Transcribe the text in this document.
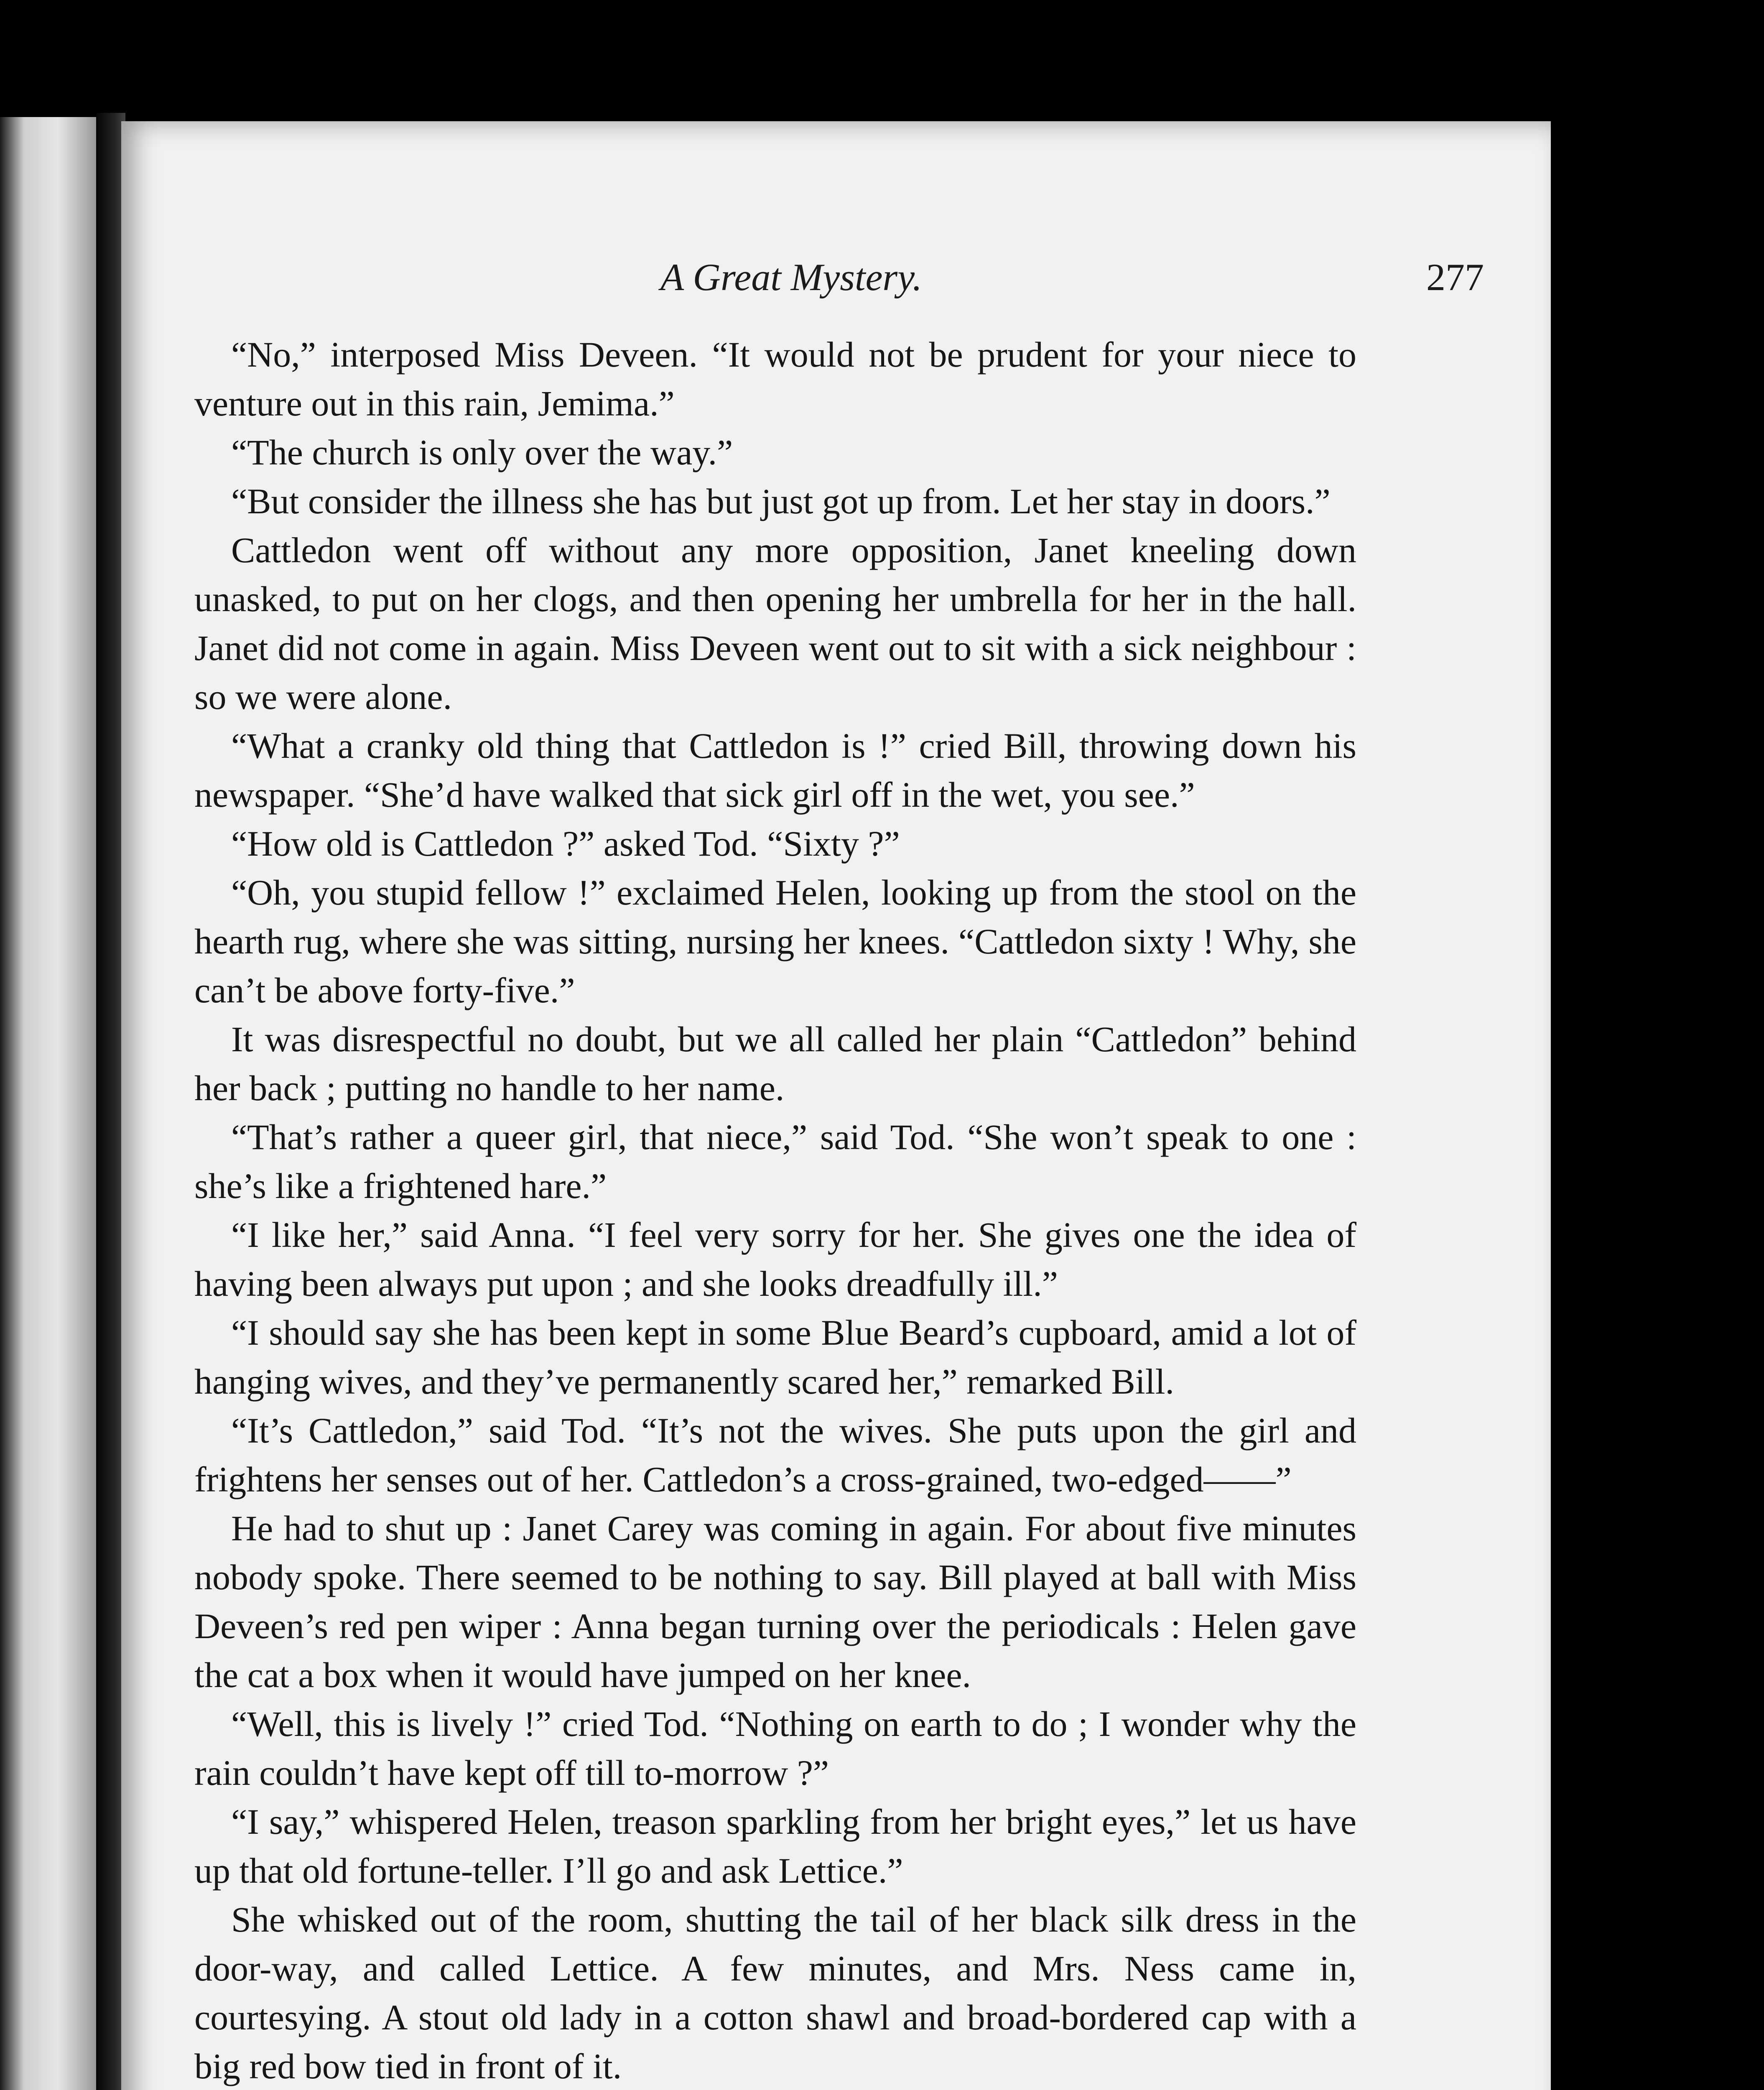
A Great Mystery.	277

“No,” interposed Miss Deveen. “It would not be prudent for your niece to venture out in this rain, Jemima.”

“The church is only over the way.”

“But consider the illness she has but just got up from. Let her stay in doors.”

Cattledon went off without any more opposition, Janet kneeling down unasked, to put on her clogs, and then opening her umbrella for her in the hall. Janet did not come in again. Miss Deveen went out to sit with a sick neighbour : so we were alone.

“What a cranky old thing that Cattledon is !” cried Bill, throwing down his newspaper. “She’d have walked that sick girl off in the wet, you see.”

“How old is Cattledon ?” asked Tod. “Sixty ?”

“Oh, you stupid fellow !” exclaimed Helen, looking up from the stool on the hearth rug, where she was sitting, nursing her knees. “Cattledon sixty ! Why, she can’t be above forty-five.”

It was disrespectful no doubt, but we all called her plain “Cattledon” behind her back ; putting no handle to her name.

“That’s rather a queer girl, that niece,” said Tod. “She won’t speak to one : she’s like a frightened hare.”

“I like her,” said Anna. “I feel very sorry for her. She gives one the idea of having been always put upon ; and she looks dreadfully ill.”

“I should say she has been kept in some Blue Beard’s cupboard, amid a lot of hanging wives, and they’ve permanently scared her,” remarked Bill.

“It’s Cattledon,” said Tod. “It’s not the wives. She puts upon the girl and frightens her senses out of her. Cattledon’s a cross-grained, two-edged——”

He had to shut up : Janet Carey was coming in again. For about five minutes nobody spoke. There seemed to be nothing to say. Bill played at ball with Miss Deveen’s red pen wiper : Anna began turning over the periodicals : Helen gave the cat a box when it would have jumped on her knee.

“Well, this is lively !” cried Tod. “Nothing on earth to do ; I wonder why the rain couldn’t have kept off till to-morrow ?”

“I say,” whispered Helen, treason sparkling from her bright eyes,” let us have up that old fortune-teller. I’ll go and ask Lettice.”

She whisked out of the room, shutting the tail of her black silk dress in the door-way, and called Lettice. A few minutes, and Mrs. Ness came in, courtesying. A stout old lady in a cotton shawl and broad-bordered cap with a big red bow tied in front of it.
